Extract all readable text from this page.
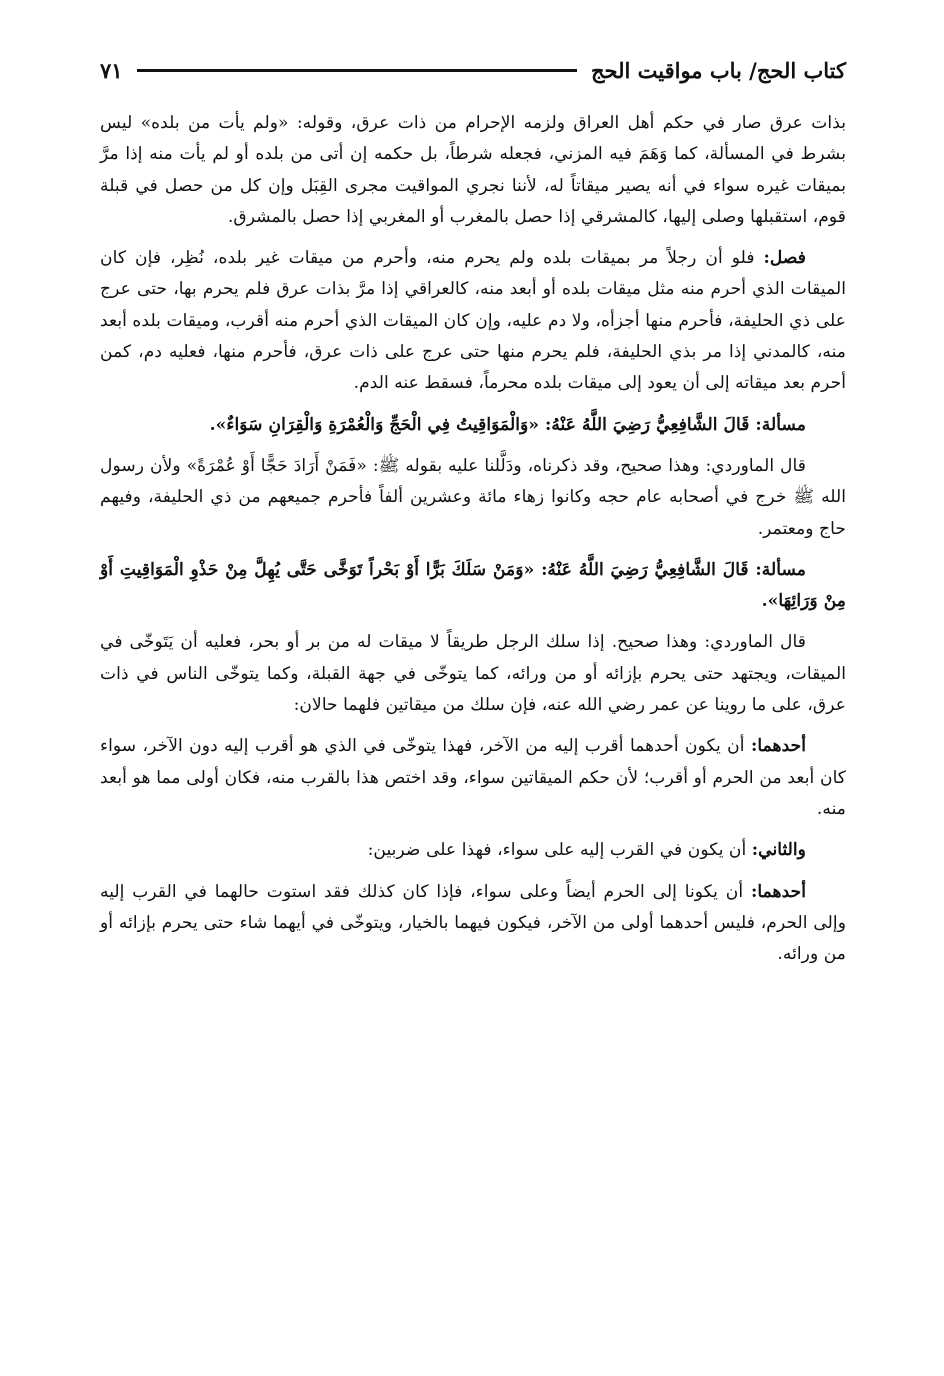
كتاب الحج/ باب مواقيت الحج
٧١

بذات عرق صار في حكم أهل العراق ولزمه الإحرام من ذات عرق، وقوله: «ولم يأت من بلده» ليس بشرط في المسألة، كما وَهَمَ فيه المزني، فجعله شرطاً، بل حكمه إن أتى من بلده أو لم يأت منه إذا مرَّ بميقات غيره سواء في أنه يصير ميقاتاً له، لأننا نجري المواقيت مجرى القِبَل وإن كل من حصل في قبلة قوم، استقبلها وصلى إليها، كالمشرقي إذا حصل بالمغرب أو المغربي إذا حصل بالمشرق.

فصل: فلو أن رجلاً مر بميقات بلده ولم يحرم منه، وأحرم من ميقات غير بلده، نُظِر، فإن كان الميقات الذي أحرم منه مثل ميقات بلده أو أبعد منه، كالعراقي إذا مرَّ بذات عرق فلم يحرم بها، حتى عرج على ذي الحليفة، فأحرم منها أجزأه، ولا دم عليه، وإن كان الميقات الذي أحرم منه أقرب، وميقات بلده أبعد منه، كالمدني إذا مر بذي الحليفة، فلم يحرم منها حتى عرج على ذات عرق، فأحرم منها، فعليه دم، كمن أحرم بعد ميقاته إلى أن يعود إلى ميقات بلده محرماً، فسقط عنه الدم.

مسألة: قَالَ الشَّافِعِيُّ رَضِيَ اللَّهُ عَنْهُ: «وَالْمَوَاقِيتُ فِي الْحَجِّ وَالْعُمْرَةِ وَالْقِرَانِ سَوَاءٌ».

قال الماوردي: وهذا صحيح، وقد ذكرناه، ودَلَّلنا عليه بقوله ﷺ: «فَمَنْ أَرَادَ حَجًّا أَوْ عُمْرَةً» ولأن رسول الله ﷺ خرج في أصحابه عام حجه وكانوا زهاء مائة وعشرين ألفاً فأحرم جميعهم من ذي الحليفة، وفيهم حاج ومعتمر.

مسألة: قَالَ الشَّافِعِيُّ رَضِيَ اللَّهُ عَنْهُ: «وَمَنْ سَلَكَ بَرًّا أَوْ بَحْراً تَوَخَّى حَتَّى يُهِلَّ مِنْ حَذْوِ الْمَوَاقِيتِ أَوْ مِنْ وَرَائِهَا».

قال الماوردي: وهذا صحيح. إذا سلك الرجل طريقاً لا ميقات له من بر أو بحر، فعليه أن يَتَوخّى في الميقات، ويجتهد حتى يحرم بإزائه أو من ورائه، كما يتوخّى في جهة القبلة، وكما يتوخّى الناس في ذات عرق، على ما روينا عن عمر رضي الله عنه، فإن سلك من ميقاتين فلهما حالان:

أحدهما: أن يكون أحدهما أقرب إليه من الآخر، فهذا يتوخّى في الذي هو أقرب إليه دون الآخر، سواء كان أبعد من الحرم أو أقرب؛ لأن حكم الميقاتين سواء، وقد اختص هذا بالقرب منه، فكان أولى مما هو أبعد منه.

والثاني: أن يكون في القرب إليه على سواء، فهذا على ضربين:

أحدهما: أن يكونا إلى الحرم أيضاً وعلى سواء، فإذا كان كذلك فقد استوت حالهما في القرب إليه وإلى الحرم، فليس أحدهما أولى من الآخر، فيكون فيهما بالخيار، ويتوخّى في أيهما شاء حتى يحرم بإزائه أو من ورائه.
